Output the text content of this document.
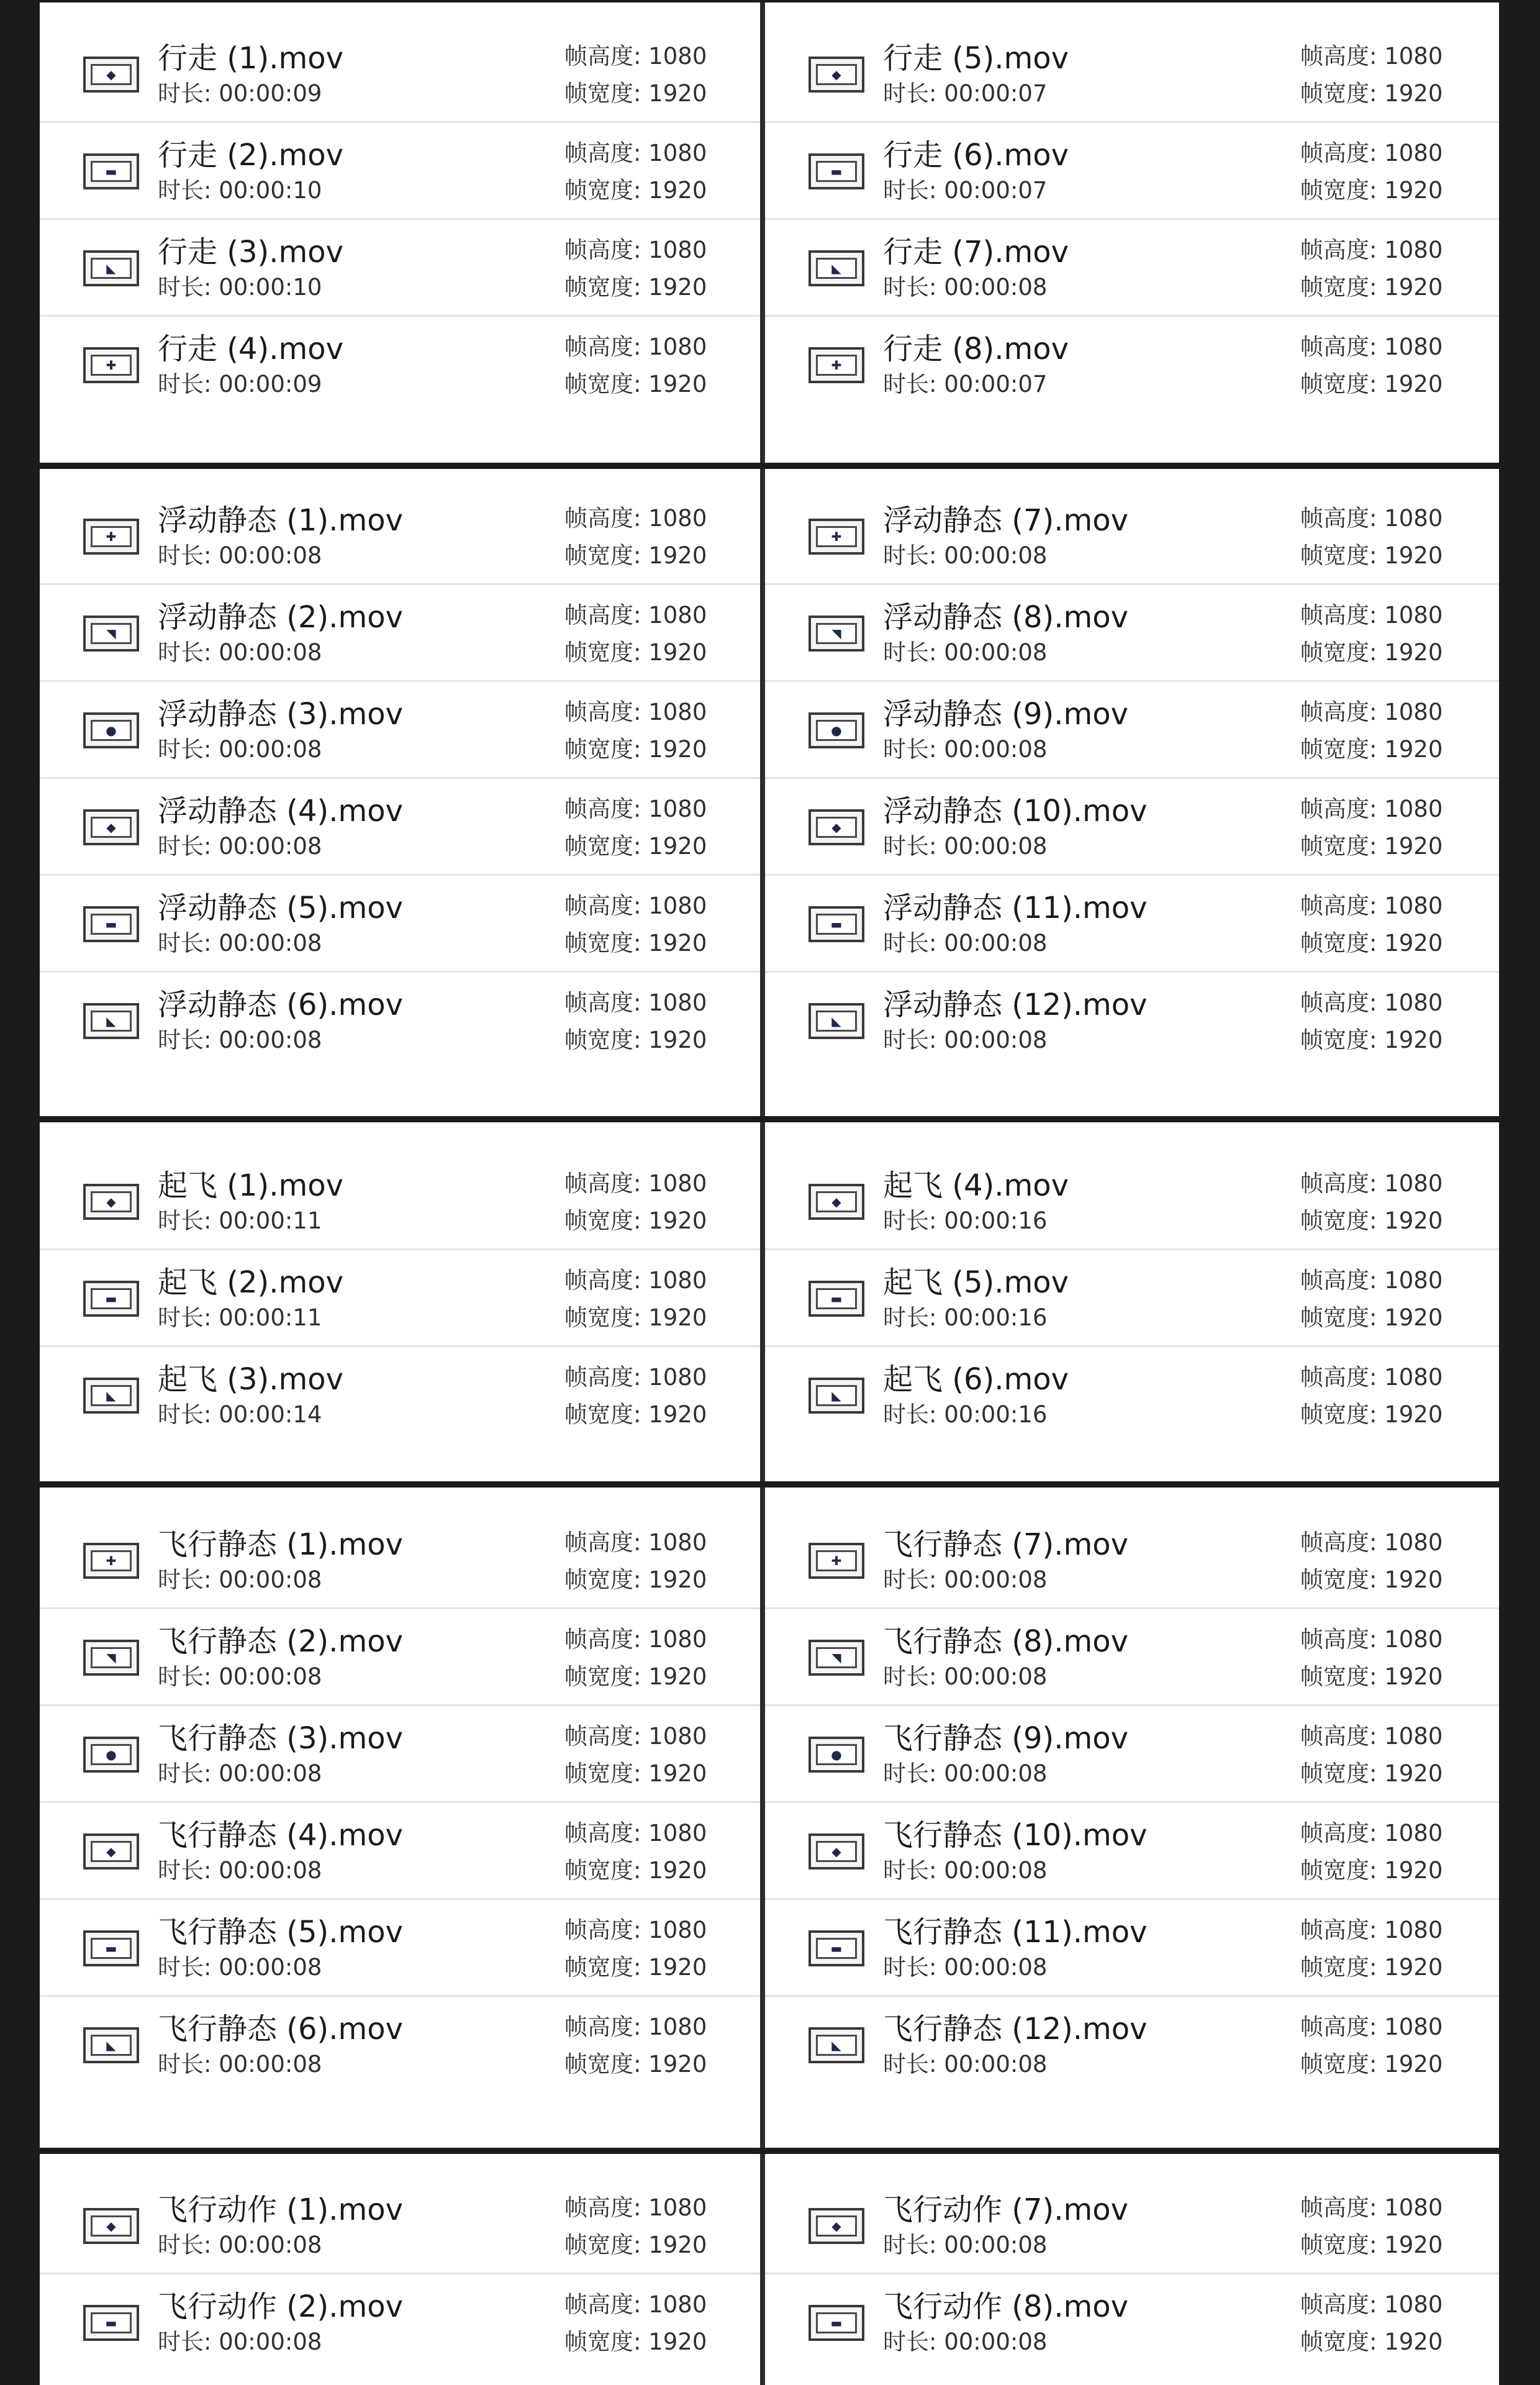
◆ 行走 (1).mov
时长: 00:00:09
帧高度: 1080
帧宽度: 1920
▬ 行走 (2).mov
时长: 00:00:10
帧高度: 1080
帧宽度: 1920
◣ 行走 (3).mov
时长: 00:00:10
帧高度: 1080
帧宽度: 1920
✚ 行走 (4).mov
时长: 00:00:09
帧高度: 1080
帧宽度: 1920
◆ 行走 (5).mov
时长: 00:00:07
帧高度: 1080
帧宽度: 1920
▬ 行走 (6).mov
时长: 00:00:07
帧高度: 1080
帧宽度: 1920
◣ 行走 (7).mov
时长: 00:00:08
帧高度: 1080
帧宽度: 1920
✚ 行走 (8).mov
时长: 00:00:07
帧高度: 1080
帧宽度: 1920
✚ 浮动静态 (1).mov
时长: 00:00:08
帧高度: 1080
帧宽度: 1920
◥ 浮动静态 (2).mov
时长: 00:00:08
帧高度: 1080
帧宽度: 1920
● 浮动静态 (3).mov
时长: 00:00:08
帧高度: 1080
帧宽度: 1920
◆ 浮动静态 (4).mov
时长: 00:00:08
帧高度: 1080
帧宽度: 1920
▬ 浮动静态 (5).mov
时长: 00:00:08
帧高度: 1080
帧宽度: 1920
◣ 浮动静态 (6).mov
时长: 00:00:08
帧高度: 1080
帧宽度: 1920
✚ 浮动静态 (7).mov
时长: 00:00:08
帧高度: 1080
帧宽度: 1920
◥ 浮动静态 (8).mov
时长: 00:00:08
帧高度: 1080
帧宽度: 1920
● 浮动静态 (9).mov
时长: 00:00:08
帧高度: 1080
帧宽度: 1920
◆ 浮动静态 (10).mov
时长: 00:00:08
帧高度: 1080
帧宽度: 1920
▬ 浮动静态 (11).mov
时长: 00:00:08
帧高度: 1080
帧宽度: 1920
◣ 浮动静态 (12).mov
时长: 00:00:08
帧高度: 1080
帧宽度: 1920
◆ 起飞 (1).mov
时长: 00:00:11
帧高度: 1080
帧宽度: 1920
▬ 起飞 (2).mov
时长: 00:00:11
帧高度: 1080
帧宽度: 1920
◣ 起飞 (3).mov
时长: 00:00:14
帧高度: 1080
帧宽度: 1920
◆ 起飞 (4).mov
时长: 00:00:16
帧高度: 1080
帧宽度: 1920
▬ 起飞 (5).mov
时长: 00:00:16
帧高度: 1080
帧宽度: 1920
◣ 起飞 (6).mov
时长: 00:00:16
帧高度: 1080
帧宽度: 1920
✚ 飞行静态 (1).mov
时长: 00:00:08
帧高度: 1080
帧宽度: 1920
◥ 飞行静态 (2).mov
时长: 00:00:08
帧高度: 1080
帧宽度: 1920
● 飞行静态 (3).mov
时长: 00:00:08
帧高度: 1080
帧宽度: 1920
◆ 飞行静态 (4).mov
时长: 00:00:08
帧高度: 1080
帧宽度: 1920
▬ 飞行静态 (5).mov
时长: 00:00:08
帧高度: 1080
帧宽度: 1920
◣ 飞行静态 (6).mov
时长: 00:00:08
帧高度: 1080
帧宽度: 1920
✚ 飞行静态 (7).mov
时长: 00:00:08
帧高度: 1080
帧宽度: 1920
◥ 飞行静态 (8).mov
时长: 00:00:08
帧高度: 1080
帧宽度: 1920
● 飞行静态 (9).mov
时长: 00:00:08
帧高度: 1080
帧宽度: 1920
◆ 飞行静态 (10).mov
时长: 00:00:08
帧高度: 1080
帧宽度: 1920
▬ 飞行静态 (11).mov
时长: 00:00:08
帧高度: 1080
帧宽度: 1920
◣ 飞行静态 (12).mov
时长: 00:00:08
帧高度: 1080
帧宽度: 1920
◆ 飞行动作 (1).mov
时长: 00:00:08
帧高度: 1080
帧宽度: 1920
▬ 飞行动作 (2).mov
时长: 00:00:08
帧高度: 1080
帧宽度: 1920
◆ 飞行动作 (7).mov
时长: 00:00:08
帧高度: 1080
帧宽度: 1920
▬ 飞行动作 (8).mov
时长: 00:00:08
帧高度: 1080
帧宽度: 1920
